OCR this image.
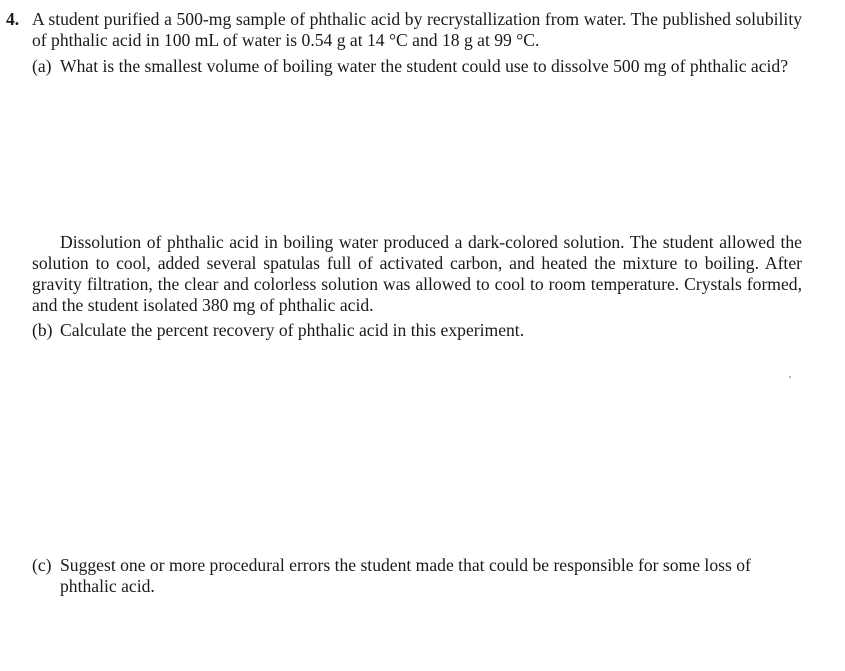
4. A student purified a 500-mg sample of phthalic acid by recrystallization from water. The published solubility of phthalic acid in 100 mL of water is 0.54 g at 14 °C and 18 g at 99 °C.
(a) What is the smallest volume of boiling water the student could use to dissolve 500 mg of phthalic acid?
Dissolution of phthalic acid in boiling water produced a dark-colored solution. The student allowed the solution to cool, added several spatulas full of activated carbon, and heated the mixture to boiling. After gravity filtration, the clear and colorless solution was allowed to cool to room temperature. Crystals formed, and the student isolated 380 mg of phthalic acid.
(b) Calculate the percent recovery of phthalic acid in this experiment.
(c) Suggest one or more procedural errors the student made that could be responsible for some loss of phthalic acid.
